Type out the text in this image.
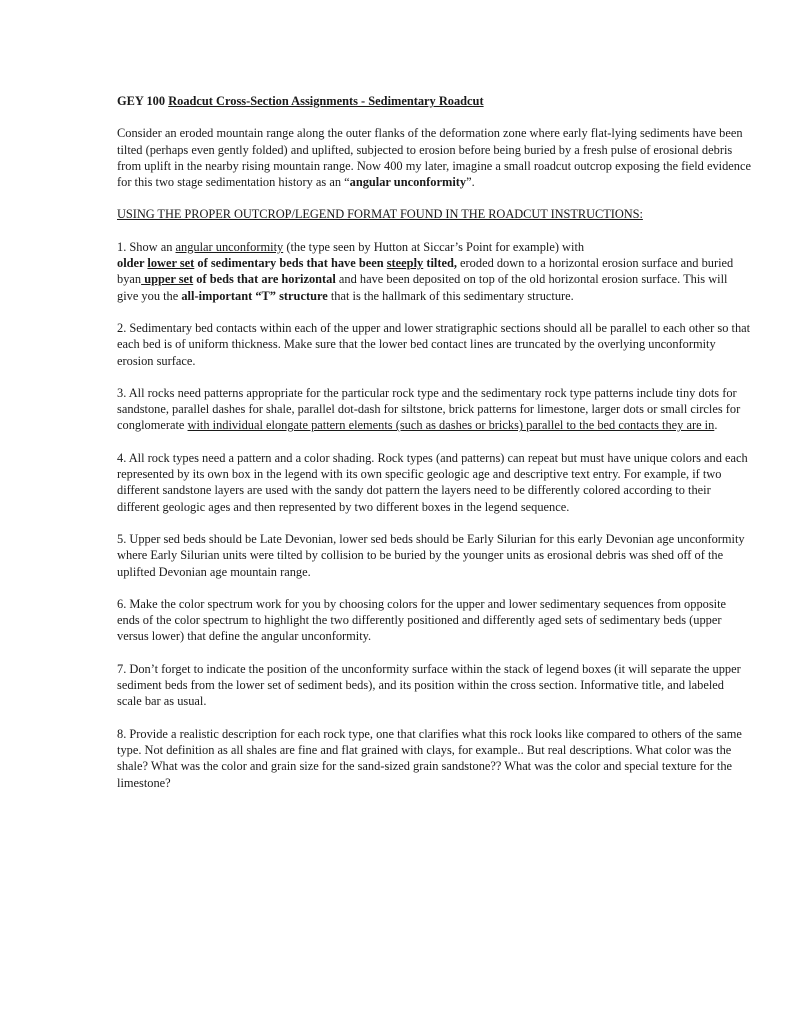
GEY 100 Roadcut Cross-Section Assignments - Sedimentary Roadcut

Consider an eroded mountain range along the outer flanks of the deformation zone where early flat-lying sediments have been tilted (perhaps even gently folded) and uplifted, subjected to erosion before being buried by a fresh pulse of erosional debris from uplift in the nearby rising mountain range. Now 400 my later, imagine a small roadcut outcrop exposing the field evidence for this two stage sedimentation history as an “angular unconformity”.

USING THE PROPER OUTCROP/LEGEND FORMAT FOUND IN THE ROADCUT INSTRUCTIONS:

1. Show an angular unconformity (the type seen by Hutton at Siccar’s Point for example) with
older lower set of sedimentary beds that have been steeply tilted, eroded down to a horizontal erosion surface and buried byan upper set of beds that are horizontal and have been deposited on top of the old horizontal erosion surface. This will give you the all-important “T” structure that is the hallmark of this sedimentary structure.

2. Sedimentary bed contacts within each of the upper and lower stratigraphic sections should all be parallel to each other so that each bed is of uniform thickness. Make sure that the lower bed contact lines are truncated by the overlying unconformity erosion surface.

3. All rocks need patterns appropriate for the particular rock type and the sedimentary rock type patterns include tiny dots for sandstone, parallel dashes for shale, parallel dot-dash for siltstone, brick patterns for limestone, larger dots or small circles for conglomerate with individual elongate pattern elements (such as dashes or bricks) parallel to the bed contacts they are in.

4. All rock types need a pattern and a color shading. Rock types (and patterns) can repeat but must have unique colors and each represented by its own box in the legend with its own specific geologic age and descriptive text entry. For example, if two different sandstone layers are used with the sandy dot pattern the layers need to be differently colored according to their different geologic ages and then represented by two different boxes in the legend sequence.

5. Upper sed beds should be Late Devonian, lower sed beds should be Early Silurian for this early Devonian age unconformity where Early Silurian units were tilted by collision to be buried by the younger units as erosional debris was shed off of the uplifted Devonian age mountain range.

6. Make the color spectrum work for you by choosing colors for the upper and lower sedimentary sequences from opposite ends of the color spectrum to highlight the two differently positioned and differently aged sets of sedimentary beds (upper versus lower) that define the angular unconformity.

7. Don’t forget to indicate the position of the unconformity surface within the stack of legend boxes (it will separate the upper sediment beds from the lower set of sediment beds), and its position within the cross section. Informative title, and labeled scale bar as usual.

8. Provide a realistic description for each rock type, one that clarifies what this rock looks like compared to others of the same type. Not definition as all shales are fine and flat grained with clays, for example.. But real descriptions. What color was the shale? What was the color and grain size for the sand-sized grain sandstone?? What was the color and special texture for the limestone?
